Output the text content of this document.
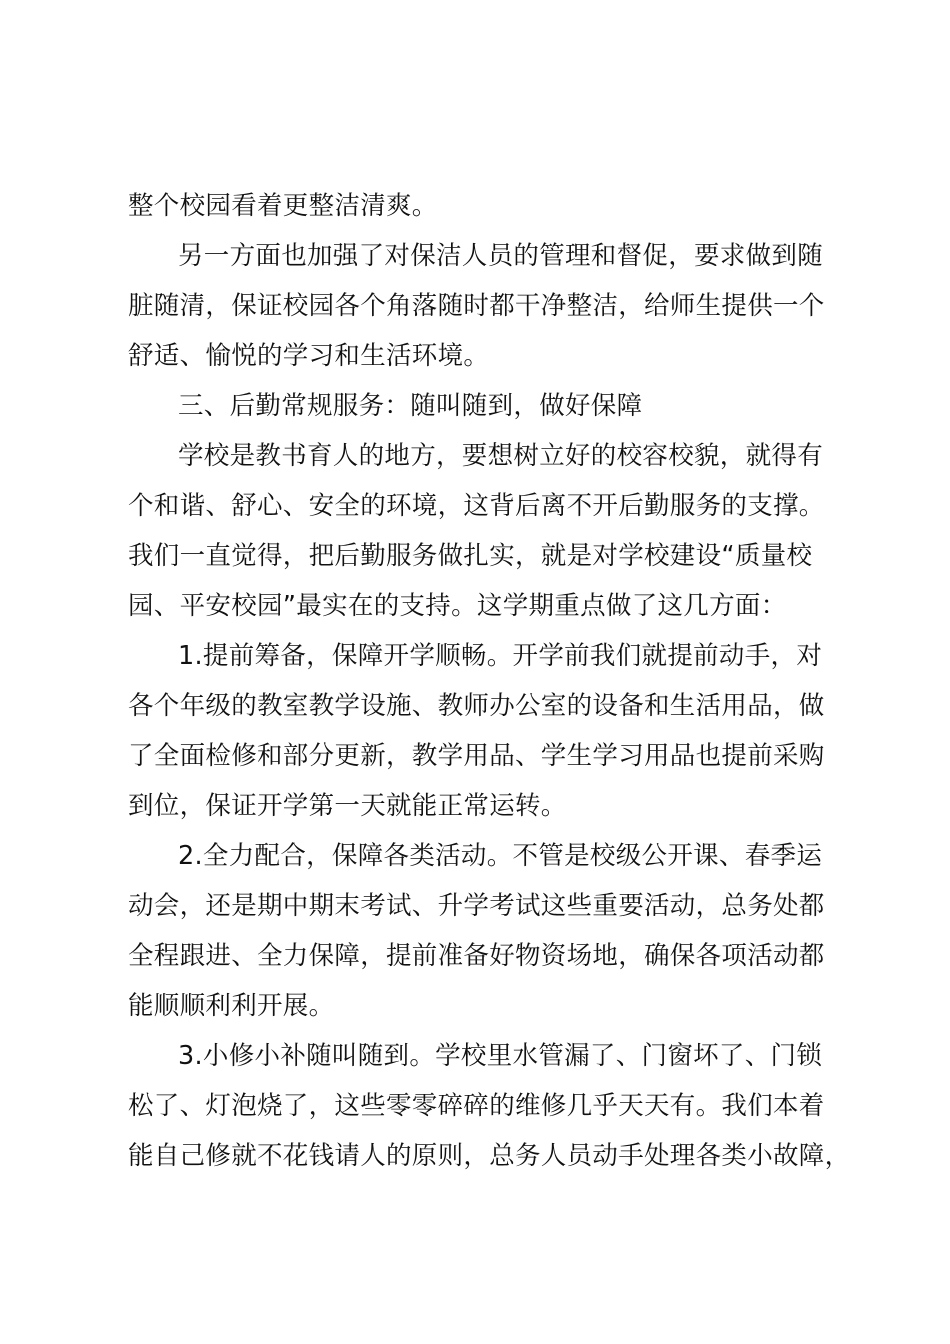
整个校园看着更整洁清爽。
另一方面也加强了对保洁人员的管理和督促，要求做到随
脏随清，保证校园各个角落随时都干净整洁，给师生提供一个
舒适、愉悦的学习和生活环境。
三、后勤常规服务：随叫随到，做好保障
学校是教书育人的地方，要想树立好的校容校貌，就得有
个和谐、舒心、安全的环境，这背后离不开后勤服务的支撑。
我们一直觉得，把后勤服务做扎实，就是对学校建设“质量校
园、平安校园”最实在的支持。这学期重点做了这几方面：
1.提前筹备，保障开学顺畅。开学前我们就提前动手，对
各个年级的教室教学设施、教师办公室的设备和生活用品，做
了全面检修和部分更新，教学用品、学生学习用品也提前采购
到位，保证开学第一天就能正常运转。
2.全力配合，保障各类活动。不管是校级公开课、春季运
动会，还是期中期末考试、升学考试这些重要活动，总务处都
全程跟进、全力保障，提前准备好物资场地，确保各项活动都
能顺顺利利开展。
3.小修小补随叫随到。学校里水管漏了、门窗坏了、门锁
松了、灯泡烧了，这些零零碎碎的维修几乎天天有。我们本着
能自己修就不花钱请人的原则，总务人员动手处理各类小故障，
